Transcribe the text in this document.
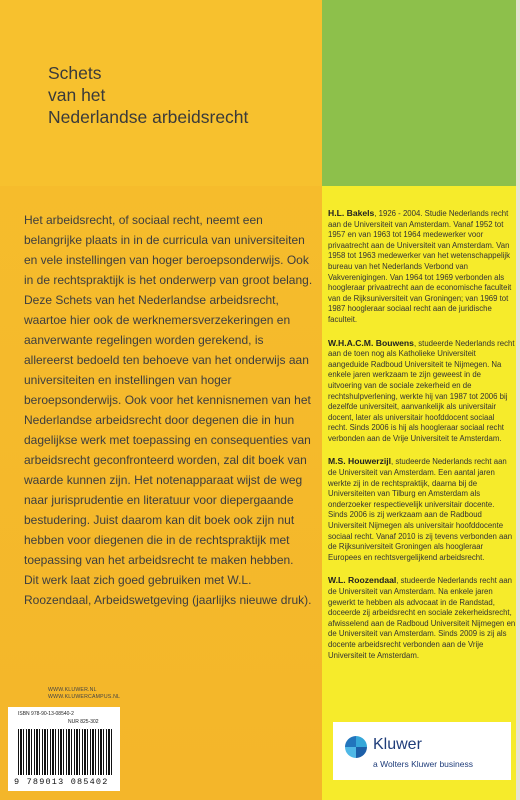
Schets
van het
Nederlandse arbeidsrecht

Het arbeidsrecht, of sociaal recht, neemt een belangrijke plaats in in de curricula van universiteiten en vele instellingen van hoger beroepsonderwijs. Ook in de rechtspraktijk is het onderwerp van groot belang.

Deze Schets van het Nederlandse arbeidsrecht, waartoe hier ook de werknemersverzekeringen en aanverwante regelingen worden gerekend, is allereerst bedoeld ten behoeve van het onderwijs aan universiteiten en instellingen van hoger beroepsonderwijs. Ook voor het kennisnemen van het Nederlandse arbeidsrecht door degenen die in hun dagelijkse werk met toepassing en consequenties van arbeidsrecht geconfronteerd worden, zal dit boek van waarde kunnen zijn. Het notenapparaat wijst de weg naar jurisprudentie en literatuur voor diepergaande bestudering. Juist daarom kan dit boek ook zijn nut hebben voor diegenen die in de rechtspraktijk met toepassing van het arbeidsrecht te maken hebben.

Dit werk laat zich goed gebruiken met W.L. Roozendaal, Arbeidswetgeving (jaarlijks nieuwe druk).

H.L. Bakels, 1926 - 2004. Studie Nederlands recht aan de Universiteit van Amsterdam. Vanaf 1952 tot 1957 en van 1963 tot 1964 medewerker voor privaatrecht aan de Universiteit van Amsterdam. Van 1958 tot 1963 medewerker van het wetenschappelijk bureau van het Nederlands Verbond van Vakverenigingen. Van 1964 tot 1969 verbonden als hoogleraar privaatrecht aan de economische faculteit van de Rijksuniversiteit van Groningen; van 1969 tot 1987 hoogleraar sociaal recht aan de juridische faculteit.
W.H.A.C.M. Bouwens, studeerde Nederlands recht aan de toen nog als Katholieke Universiteit aangeduide Radboud Universiteit te Nijmegen. Na enkele jaren werkzaam te zijn geweest in de uitvoering van de sociale zekerheid en de rechtshulpverlening, werkte hij van 1987 tot 2006 bij dezelfde universiteit, aanvankelijk als universitair docent, later als universitair hoofddocent sociaal recht. Sinds 2006 is hij als hoogleraar sociaal recht verbonden aan de Vrije Universiteit te Amsterdam.
M.S. Houwerzijl, studeerde Nederlands recht aan de Universiteit van Amsterdam. Een aantal jaren werkte zij in de rechtspraktijk, daarna bij de Universiteiten van Tilburg en Amsterdam als onderzoeker respectievelijk universitair docente. Sinds 2006 is zij werkzaam aan de Radboud Universiteit Nijmegen als universitair hoofddocente sociaal recht. Vanaf 2010 is zij tevens verbonden aan de Rijksuniversiteit Groningen als hoogleraar Europees en rechtsvergelijkend arbeidsrecht.
W.L. Roozendaal, studeerde Nederlands recht aan de Universiteit van Amsterdam. Na enkele jaren gewerkt te hebben als advocaat in de Randstad, doceerde zij arbeidsrecht en sociale zekerheidsrecht, afwisselend aan de Radboud Universiteit Nijmegen en de Universiteit van Amsterdam. Sinds 2009 is zij als docente arbeidsrecht verbonden aan de Vrije Universiteit te Amsterdam.
WWW.KLUWER.NL
WWW.KLUWERCAMPUS.NL
ISBN 978-90-13-08540-2
NUR 825-302
9 789013 085402
Kluwer
a Wolters Kluwer business
